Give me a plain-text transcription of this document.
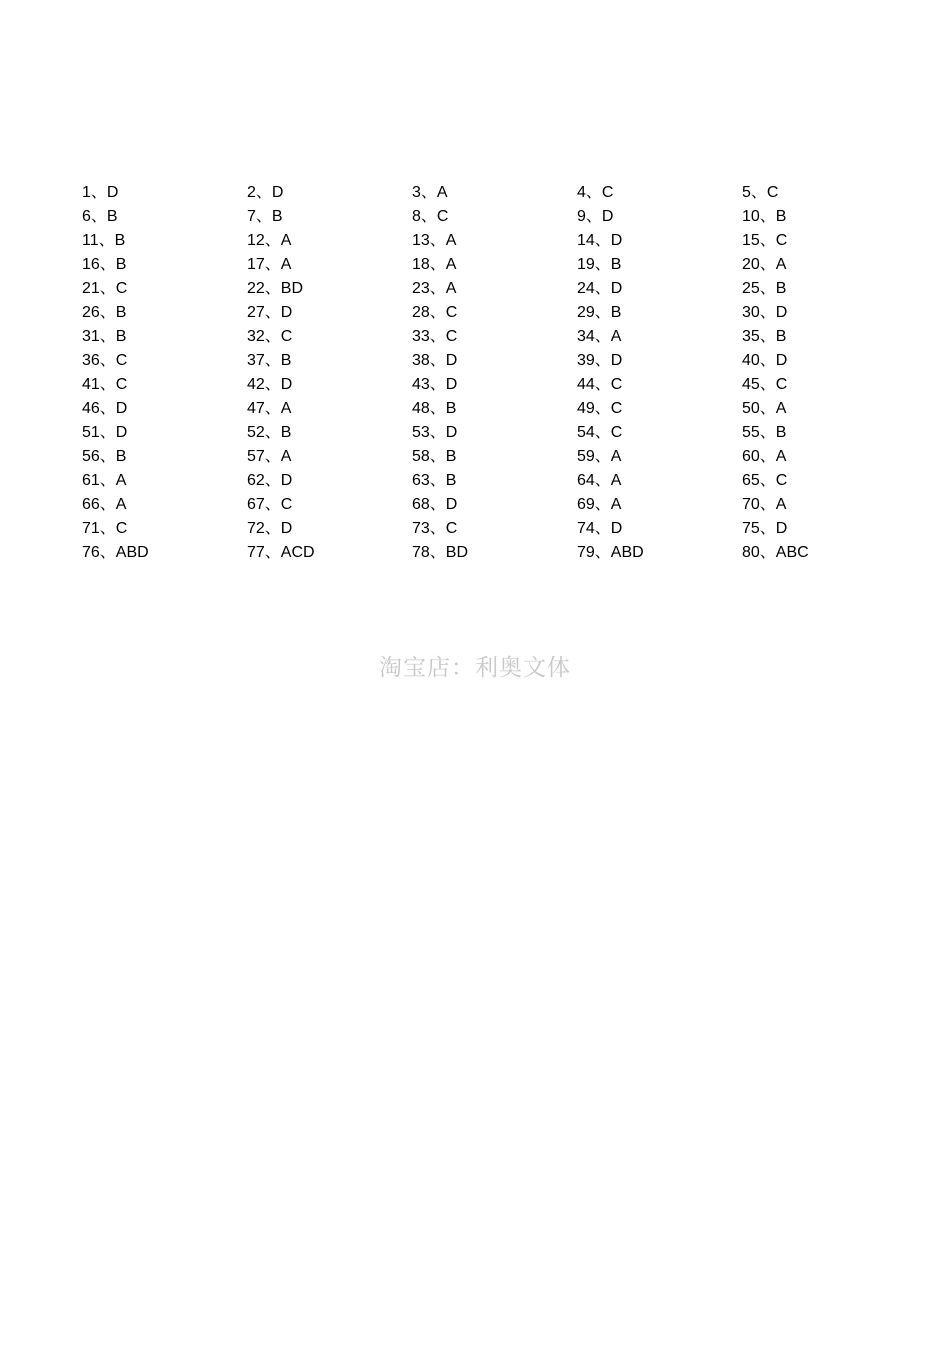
1、D	2、D	3、A	4、C	5、C
6、B	7、B	8、C	9、D	10、B
11、B	12、A	13、A	14、D	15、C
16、B	17、A	18、A	19、B	20、A
21、C	22、BD	23、A	24、D	25、B
26、B	27、D	28、C	29、B	30、D
31、B	32、C	33、C	34、A	35、B
36、C	37、B	38、D	39、D	40、D
41、C	42、D	43、D	44、C	45、C
46、D	47、A	48、B	49、C	50、A
51、D	52、B	53、D	54、C	55、B
56、B	57、A	58、B	59、A	60、A
61、A	62、D	63、B	64、A	65、C
66、A	67、C	68、D	69、A	70、A
71、C	72、D	73、C	74、D	75、D
76、ABD	77、ACD	78、BD	79、ABD	80、ABC
淘宝店：利奥文体
